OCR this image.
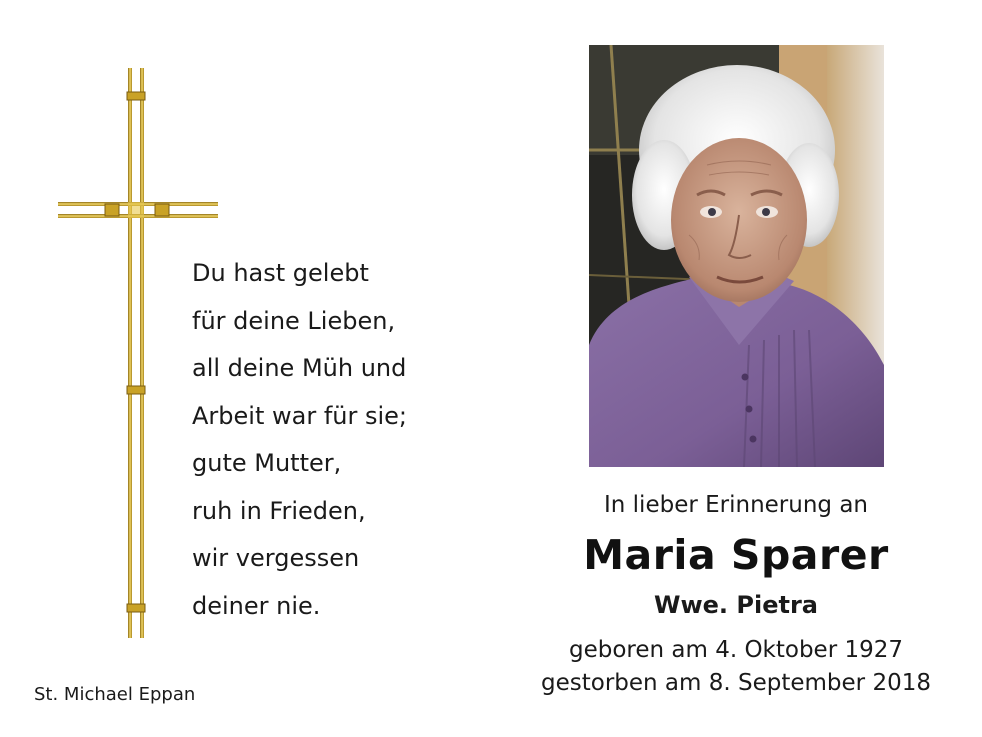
Du hast gelebt
für deine Lieben,
all deine Müh und
Arbeit war für sie;
gute Mutter,
ruh in Frieden,
wir vergessen
deiner nie.
St. Michael Eppan
In lieber Erinnerung an
Maria Sparer
Wwe. Pietra
geboren am 4. Oktober 1927
gestorben am 8. September 2018
